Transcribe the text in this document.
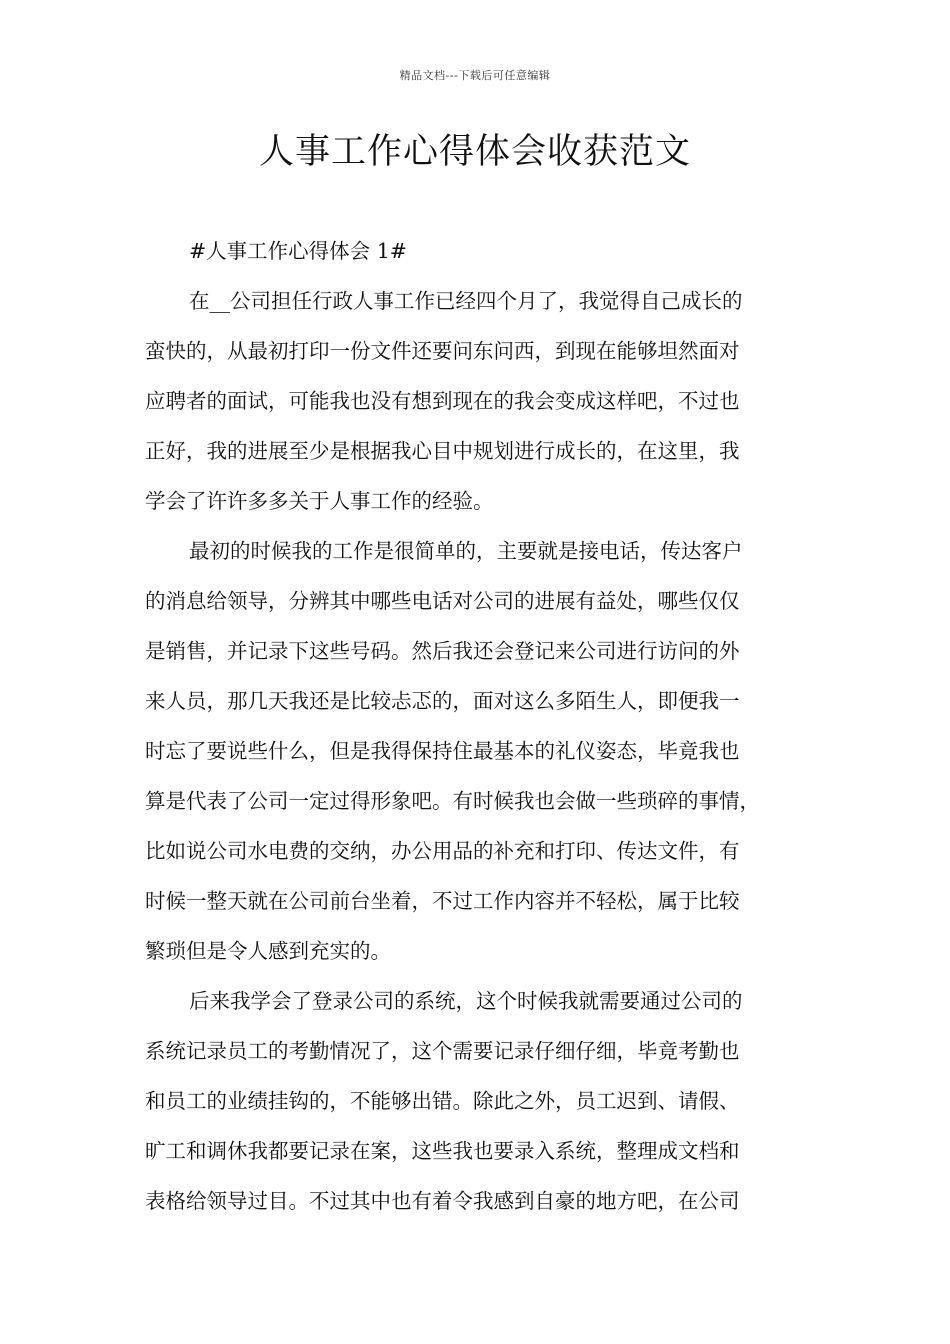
精品文档---下载后可任意编辑
人事工作心得体会收获范文
#人事工作心得体会 1#
在__公司担任行政人事工作已经四个月了，我觉得自己成长的
蛮快的，从最初打印一份文件还要问东问西，到现在能够坦然面对
应聘者的面试，可能我也没有想到现在的我会变成这样吧，不过也
正好，我的进展至少是根据我心目中规划进行成长的，在这里，我
学会了许许多多关于人事工作的经验。
最初的时候我的工作是很简单的，主要就是接电话，传达客户
的消息给领导，分辨其中哪些电话对公司的进展有益处，哪些仅仅
是销售，并记录下这些号码。然后我还会登记来公司进行访问的外
来人员，那几天我还是比较忐忑的，面对这么多陌生人，即便我一
时忘了要说些什么，但是我得保持住最基本的礼仪姿态，毕竟我也
算是代表了公司一定过得形象吧。有时候我也会做一些琐碎的事情，
比如说公司水电费的交纳，办公用品的补充和打印、传达文件，有
时候一整天就在公司前台坐着，不过工作内容并不轻松，属于比较
繁琐但是令人感到充实的。
后来我学会了登录公司的系统，这个时候我就需要通过公司的
系统记录员工的考勤情况了，这个需要记录仔细仔细，毕竟考勤也
和员工的业绩挂钩的，不能够出错。除此之外，员工迟到、请假、
旷工和调休我都要记录在案，这些我也要录入系统，整理成文档和
表格给领导过目。不过其中也有着令我感到自豪的地方吧，在公司
